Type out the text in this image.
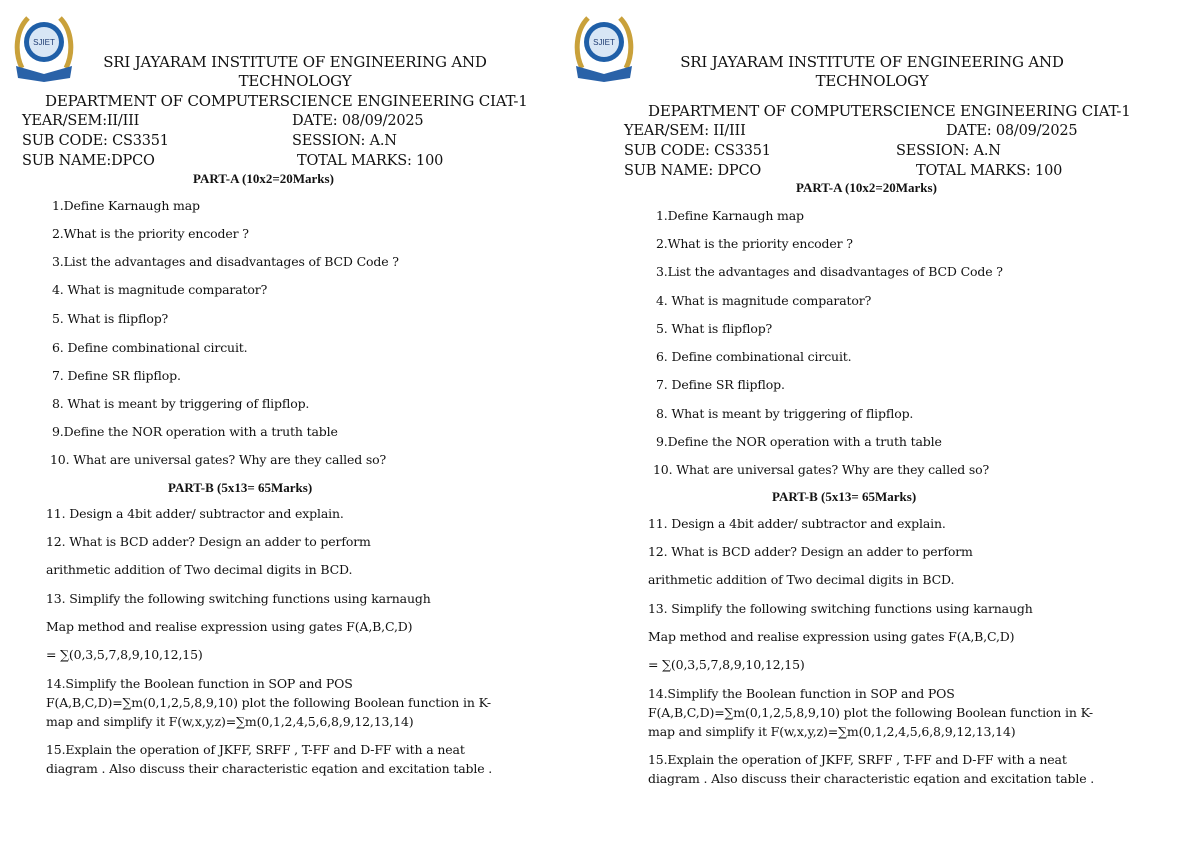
SJIET
SRI JAYARAM INSTITUTE OF ENGINEERING AND
TECHNOLOGY
DEPARTMENT OF COMPUTERSCIENCE ENGINEERING CIAT-1
YEAR/SEM:II/III	DATE: 08/09/2025
SUB CODE: CS3351	SESSION: A.N
SUB NAME:DPCO	TOTAL MARKS: 100
PART-A (10x2=20Marks)
1.Define Karnaugh map
2.What is the priority encoder ?
3.List the advantages and disadvantages of BCD Code ?
4. What is magnitude comparator?
5. What is flipflop?
6. Define combinational circuit.
7. Define SR flipflop.
8. What is meant by triggering of flipflop.
9.Define the NOR operation with a truth table
10. What are universal gates? Why are they called so?
PART-B (5x13= 65Marks)
11. Design a 4bit adder/ subtractor and explain.
12. What is BCD adder? Design an adder to perform
arithmetic addition of Two decimal digits in BCD.
13. Simplify the following switching functions using karnaugh
Map method and realise expression using gates F(A,B,C,D)
= ∑(0,3,5,7,8,9,10,12,15)
14.Simplify the Boolean function in SOP and POS
F(A,B,C,D)=∑m(0,1,2,5,8,9,10) plot the following Boolean function in K-
map and simplify it F(w,x,y,z)=∑m(0,1,2,4,5,6,8,9,12,13,14)
15.Explain the operation of JKFF, SRFF , T-FF and D-FF with a neat
diagram . Also discuss their characteristic eqation and excitation table .
SJIET
SRI JAYARAM INSTITUTE OF ENGINEERING AND
TECHNOLOGY
DEPARTMENT OF COMPUTERSCIENCE ENGINEERING CIAT-1
YEAR/SEM: II/III	DATE: 08/09/2025
SUB CODE: CS3351	SESSION: A.N
SUB NAME: DPCO	TOTAL MARKS: 100
PART-A (10x2=20Marks)
1.Define Karnaugh map
2.What is the priority encoder ?
3.List the advantages and disadvantages of BCD Code ?
4. What is magnitude comparator?
5. What is flipflop?
6. Define combinational circuit.
7. Define SR flipflop.
8. What is meant by triggering of flipflop.
9.Define the NOR operation with a truth table
10. What are universal gates? Why are they called so?
PART-B (5x13= 65Marks)
11. Design a 4bit adder/ subtractor and explain.
12. What is BCD adder? Design an adder to perform
arithmetic addition of Two decimal digits in BCD.
13. Simplify the following switching functions using karnaugh
Map method and realise expression using gates F(A,B,C,D)
= ∑(0,3,5,7,8,9,10,12,15)
14.Simplify the Boolean function in SOP and POS
F(A,B,C,D)=∑m(0,1,2,5,8,9,10) plot the following Boolean function in K-
map and simplify it F(w,x,y,z)=∑m(0,1,2,4,5,6,8,9,12,13,14)
15.Explain the operation of JKFF, SRFF , T-FF and D-FF with a neat
diagram . Also discuss their characteristic eqation and excitation table .
